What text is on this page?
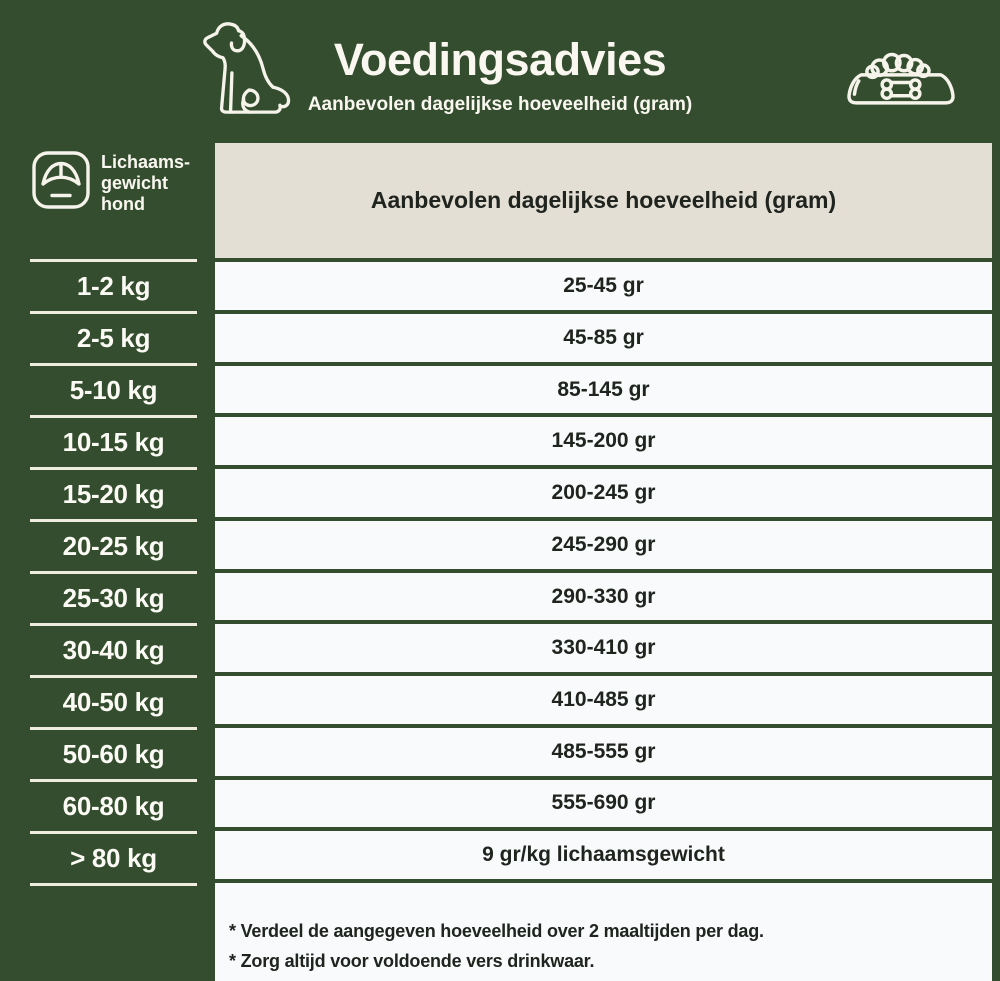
Voedingsadvies
Aanbevolen dagelijkse hoeveelheid (gram)
Lichaams-
gewicht
hond
1-2 kg
2-5 kg
5-10 kg
10-15 kg
15-20 kg
20-25 kg
25-30 kg
30-40 kg
40-50 kg
50-60 kg
60-80 kg
> 80 kg
Aanbevolen dagelijkse hoeveelheid (gram)
25-45 gr
45-85 gr
85-145 gr
145-200 gr
200-245 gr
245-290 gr
290-330 gr
330-410 gr
410-485 gr
485-555 gr
555-690 gr
9 gr/kg lichaamsgewicht

* Verdeel de aangegeven hoeveelheid over 2 maaltijden per dag.

* Zorg altijd voor voldoende vers drinkwaar.
